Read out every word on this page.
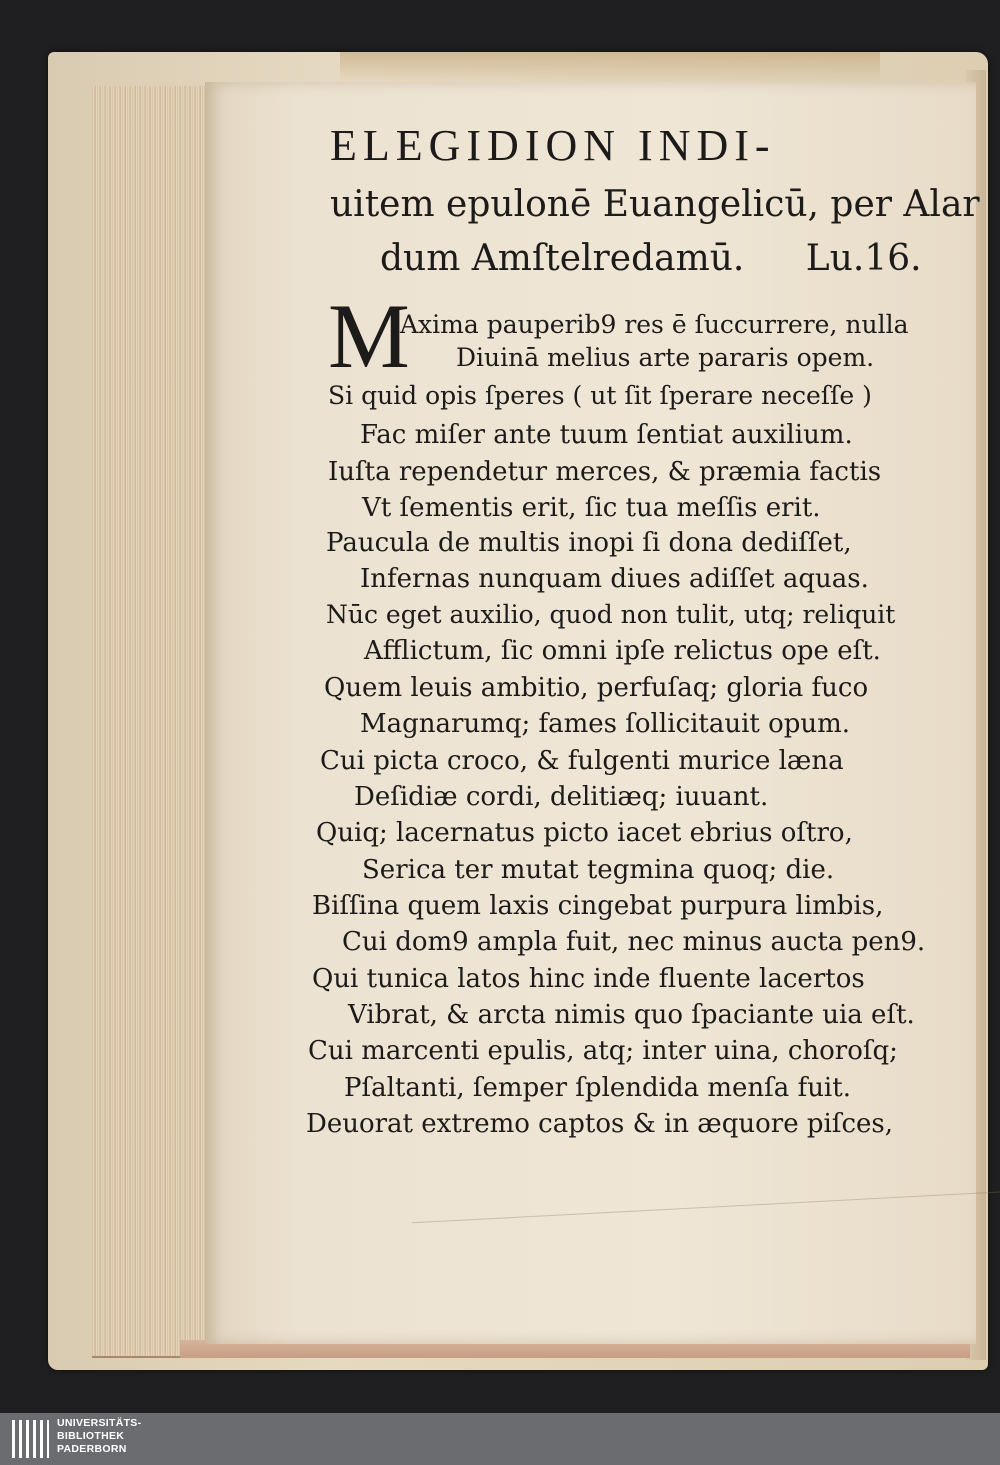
ELEGIDION INDI-
uitem epulonē Euangelicū, per Alar
dum Amſtelredamū. Lu.16.
M
Axima pauperib9 res ē ſuccurrere, nulla
Diuinā melius arte pararis opem.
Si quid opis ſperes ( ut ſit ſperare neceſſe )
Fac miſer ante tuum ſentiat auxilium.
Iuſta rependetur merces, & præmia factis
Vt ſementis erit, ſic tua meſſis erit.
Paucula de multis inopi ſi dona dediſſet,
Infernas nunquam diues adiſſet aquas.
Nūc eget auxilio, quod non tulit, utq; reliquit
Afflictum, ſic omni ipſe relictus ope eſt.
Quem leuis ambitio, perfuſaq; gloria fuco
Magnarumq; fames ſollicitauit opum.
Cui picta croco, & fulgenti murice læna
Deſidiæ cordi, delitiæq; iuuant.
Quiq; lacernatus picto iacet ebrius oſtro,
Serica ter mutat tegmina quoq; die.
Biſſina quem laxis cingebat purpura limbis,
Cui dom9 ampla fuit, nec minus aucta pen9.
Qui tunica latos hinc inde fluente lacertos
Vibrat, & arcta nimis quo ſpaciante uia eſt.
Cui marcenti epulis, atq; inter uina, choroſq;
Pſaltanti, ſemper ſplendida menſa fuit.
Deuorat extremo captos & in æquore piſces,
UNIVERSITÄTS-
BIBLIOTHEK
PADERBORN
